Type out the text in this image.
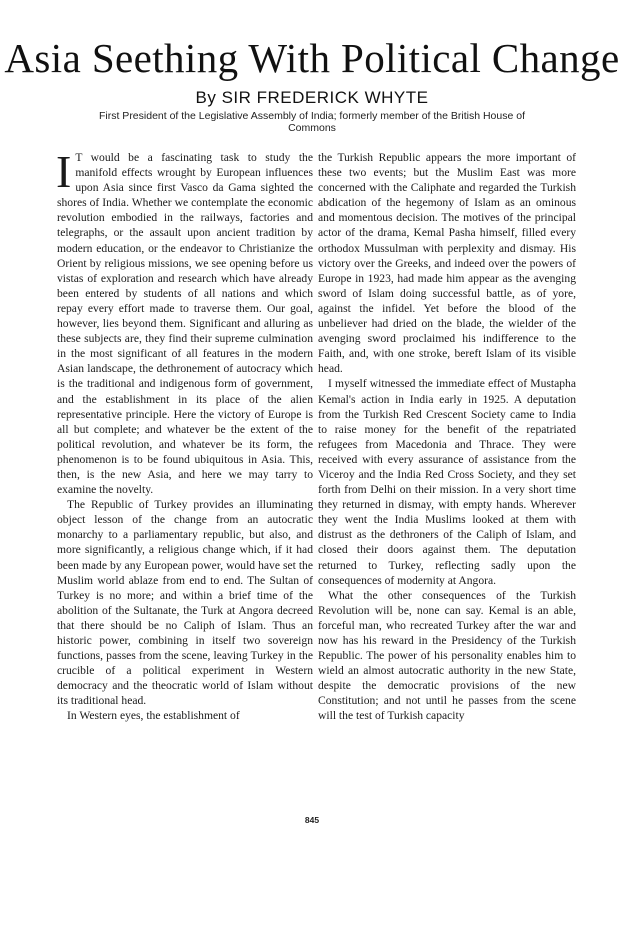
Asia Seething With Political Change
By SIR FREDERICK WHYTE
First President of the Legislative Assembly of India; formerly member of the British House of Commons

I T would be a fascinating task to study the manifold effects wrought by European influences upon Asia since first Vasco da Gama sighted the shores of India. Whether we contemplate the economic revolution embodied in the railways, factories and telegraphs, or the assault upon ancient tradition by modern education, or the endeavor to Christianize the Orient by religious missions, we see opening before us vistas of exploration and research which have already been entered by students of all nations and which repay every effort made to traverse them. Our goal, however, lies beyond them. Significant and alluring as these subjects are, they find their supreme culmination in the most significant of all features in the modern Asian landscape, the dethronement of autocracy which is the traditional and indigenous form of government, and the establishment in its place of the alien representative principle. Here the victory of Europe is all but complete; and whatever be the extent of the political revolution, and whatever be its form, the phenomenon is to be found ubiquitous in Asia. This, then, is the new Asia, and here we may tarry to examine the novelty.

The Republic of Turkey provides an illuminating object lesson of the change from an autocratic monarchy to a parliamentary republic, but also, and more significantly, a religious change which, if it had been made by any European power, would have set the Muslim world ablaze from end to end. The Sultan of Turkey is no more; and within a brief time of the abolition of the Sultanate, the Turk at Angora decreed that there should be no Caliph of Islam. Thus an historic power, combining in itself two sovereign functions, passes from the scene, leaving Turkey in the crucible of a political experiment in Western democracy and the theocratic world of Islam without its traditional head.

In Western eyes, the establishment of

the Turkish Republic appears the more important of these two events; but the Muslim East was more concerned with the Caliphate and regarded the Turkish abdication of the hegemony of Islam as an ominous and momentous decision. The motives of the principal actor of the drama, Kemal Pasha himself, filled every orthodox Mussulman with perplexity and dismay. His victory over the Greeks, and indeed over the powers of Europe in 1923, had made him appear as the avenging sword of Islam doing successful battle, as of yore, against the infidel. Yet before the blood of the unbeliever had dried on the blade, the wielder of the avenging sword proclaimed his indifference to the Faith, and, with one stroke, bereft Islam of its visible head.

I myself witnessed the immediate effect of Mustapha Kemal's action in India early in 1925. A deputation from the Turkish Red Crescent Society came to India to raise money for the benefit of the repatriated refugees from Macedonia and Thrace. They were received with every assurance of assistance from the Viceroy and the India Red Cross Society, and they set forth from Delhi on their mission. In a very short time they returned in dismay, with empty hands. Wherever they went the India Muslims looked at them with distrust as the dethroners of the Caliph of Islam, and closed their doors against them. The deputation returned to Turkey, reflecting sadly upon the consequences of modernity at Angora.

What the other consequences of the Turkish Revolution will be, none can say. Kemal is an able, forceful man, who recreated Turkey after the war and now has his reward in the Presidency of the Turkish Republic. The power of his personality enables him to wield an almost autocratic authority in the new State, despite the democratic provisions of the new Constitution; and not until he passes from the scene will the test of Turkish capacity

845
